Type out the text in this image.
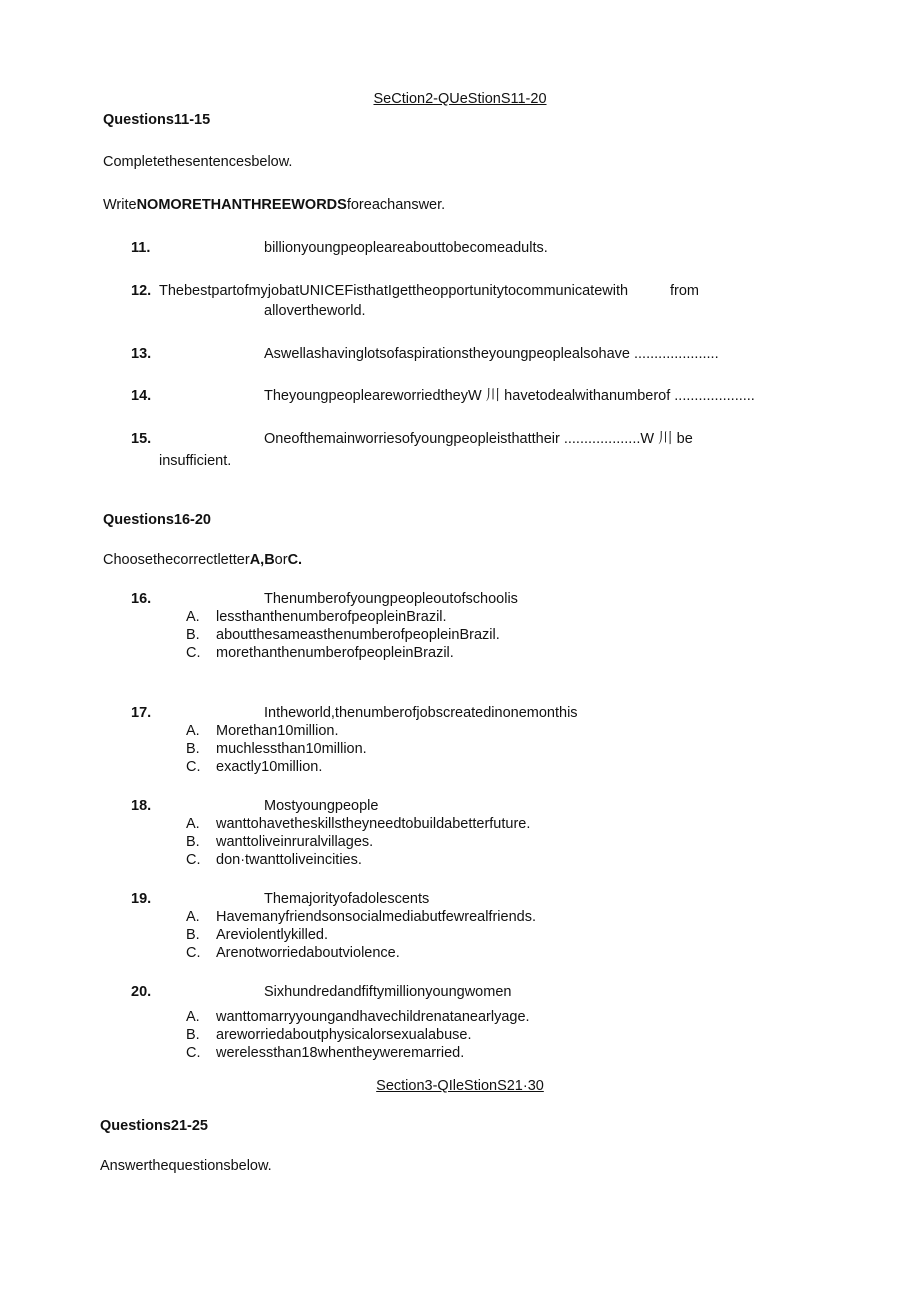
SeCtion2-QUeStionS11-20
Questions11-15
Completethesentencesbelow.
WriteNOMORETHANTHREEWORDSforeachanswer.
11.	billionyoungpeopleareabouttobecomeadults.
12. ThebestpartofmyjobatUNICEFisthatIgettheopportunitytocommunicatewith	from
allovertheworld.
13.	Aswellashavinglotsofaspirationstheyoungpeoplealsohave .....................
14.	TheyoungpeopleareworriedtheyW 川 havetodealwithanumberof ....................
15.	Oneofthemainworriesofyoungpeopleisthattheir ...................W 川 be
insufficient.
Questions16-20
ChoosethecorrectletterA,BorC.
16.	Thenumberofyoungpeopleoutofschoolis
A. lessthanthenumberofpeopleinBrazil.
B. aboutthesameasthenumberofpeopleinBrazil.
C. morethanthenumberofpeopleinBrazil.
17.	Intheworld,thenumberofjobscreatedinonemonthis
A. Morethan10million.
B. muchlessthan10million.
C. exactly10million.
18.	Mostyoungpeople
A. wanttohavetheskillstheyneedtobuildabetterfuture.
B. wanttoliveinruralvillages.
C. don·twanttoliveincities.
19.	Themajorityofadolescents
A. Havemanyfriendsonsocialmediabutfewrealfriends.
B. Areviolentlykilled.
C. Arenotworriedaboutviolence.
20.	Sixhundredandfiftymillionyoungwomen
A. wanttomarryyoungandhavechildrenatanearlyage.
B. areworriedaboutphysicalorsexualabuse.
C. werelessthan18whentheyweremarried.
Section3-QIleStionS21·30
Questions21-25
Answerthequestionsbelow.
